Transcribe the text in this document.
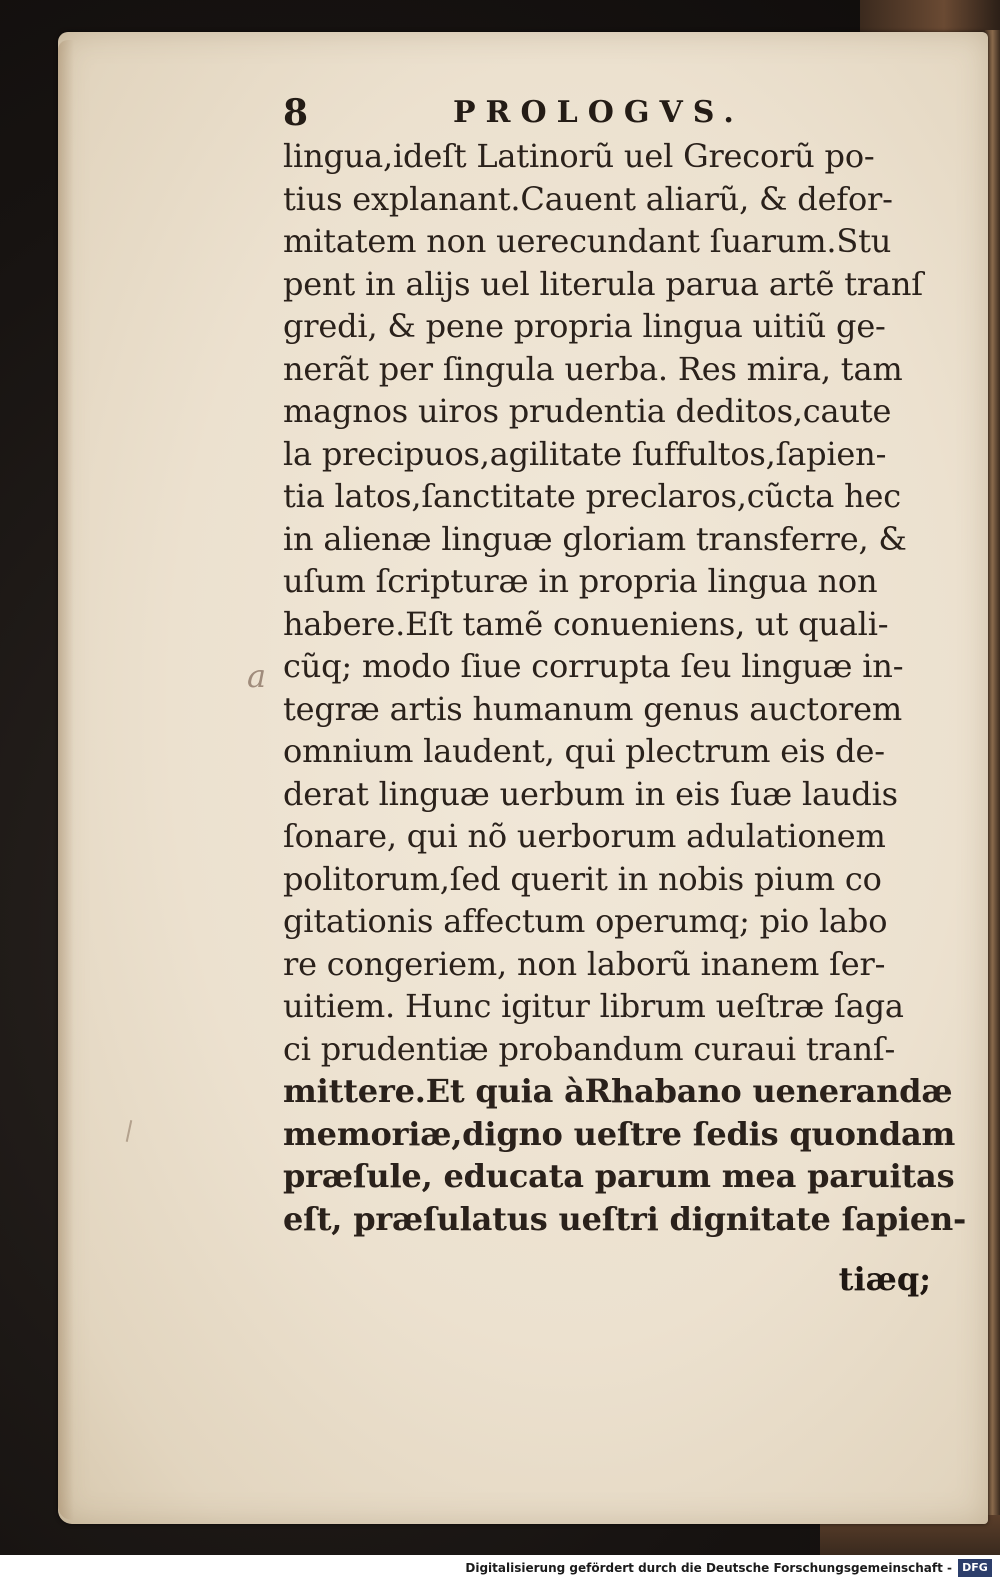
8	PROLOGVS.
a
lingua,ideſt Latinorũ uel Grecorũ po-
tius explanant.Cauent aliarũ, & defor-
mitatem non uerecundant ſuarum.Stu
pent in alijs uel literula parua artẽ tranſ
gredi, & pene propria lingua uitiũ ge-
nerãt per ſingula uerba. Res mira, tam
magnos uiros prudentia deditos,caute
la precipuos,agilitate ſuffultos,ſapien-
tia latos,ſanctitate preclaros,cũcta hec
in alienæ linguæ gloriam transferre, &
uſum ſcripturæ in propria lingua non
habere.Eſt tamẽ conueniens, ut quali-
cũq; modo ſiue corrupta ſeu linguæ in-
tegræ artis humanum genus auctorem
omnium laudent, qui plectrum eis de-
derat linguæ uerbum in eis ſuæ laudis
ſonare, qui nõ uerborum adulationem
politorum,ſed querit in nobis pium co
gitationis affectum operumq; pio labo
re congeriem, non laborũ inanem ſer-
uitiem. Hunc igitur librum ueſtræ ſaga
ci prudentiæ probandum curaui tranſ-
mittere.Et quia àRhabano uenerandæ
memoriæ,digno ueſtre ſedis quondam
præſule, educata parum mea paruitas
eſt, præſulatus ueſtri dignitate ſapien-
tiæq;
Digitalisierung gefördert durch die Deutsche Forschungsgemeinschaft - DFG
